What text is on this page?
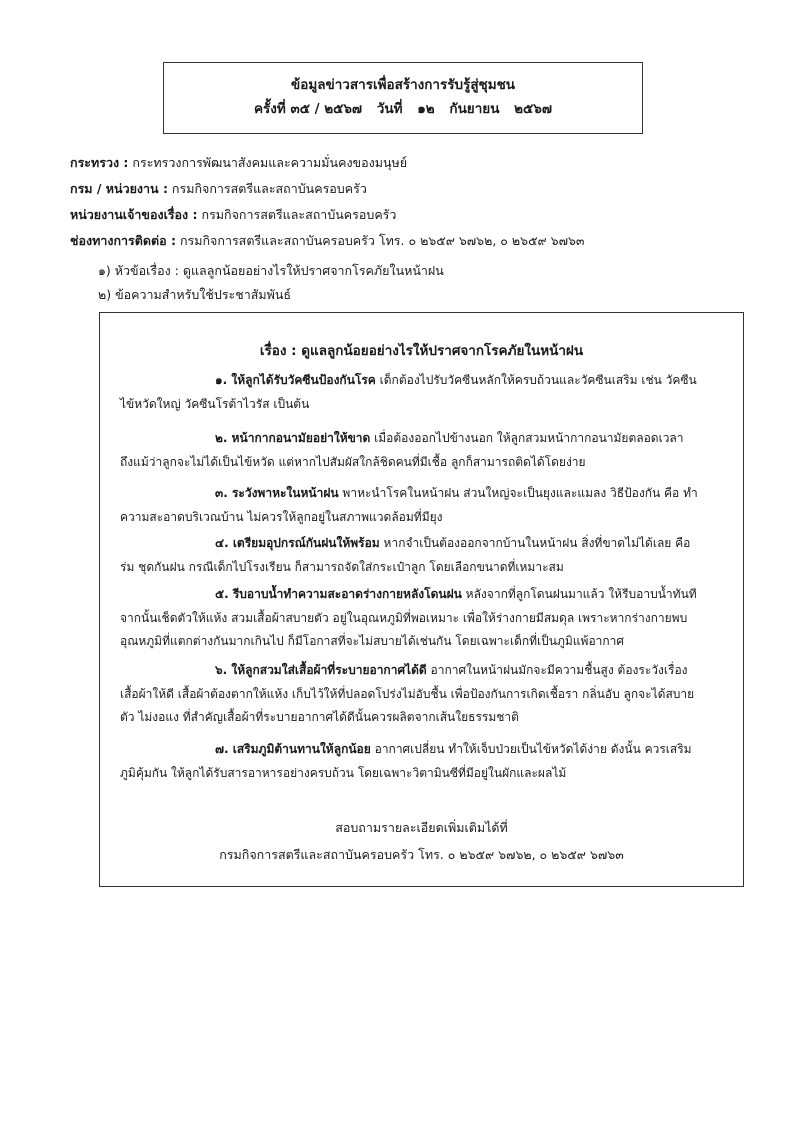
ข้อมูลข่าวสารเพื่อสร้างการรับรู้สู่ชุมชน
ครั้งที่ ๓๕ / ๒๕๖๗ วันที่ ๑๒ กันยายน ๒๕๖๗
กระทรวง : กระทรวงการพัฒนาสังคมและความมั่นคงของมนุษย์
กรม / หน่วยงาน : กรมกิจการสตรีและสถาบันครอบครัว
หน่วยงานเจ้าของเรื่อง : กรมกิจการสตรีและสถาบันครอบครัว
ช่องทางการติดต่อ : กรมกิจการสตรีและสถาบันครอบครัว โทร. ๐ ๒๖๕๙ ๖๗๖๒, ๐ ๒๖๕๙ ๖๗๖๓
๑) หัวข้อเรื่อง : ดูแลลูกน้อยอย่างไรให้ปราศจากโรคภัยในหน้าฝน
๒) ข้อความสำหรับใช้ประชาสัมพันธ์
เรื่อง : ดูแลลูกน้อยอย่างไรให้ปราศจากโรคภัยในหน้าฝน

๑. ให้ลูกได้รับวัคซีนป้องกันโรค เด็กต้องไปรับวัคซีนหลักให้ครบถ้วนและวัคซีนเสริม เช่น วัคซีน

ไข้หวัดใหญ่ วัคซีนโรต้าไวรัส เป็นต้น

๒. หน้ากากอนามัยอย่าให้ขาด เมื่อต้องออกไปข้างนอก ให้ลูกสวมหน้ากากอนามัยตลอดเวลา

ถึงแม้ว่าลูกจะไม่ได้เป็นไข้หวัด แต่หากไปสัมผัสใกล้ชิดคนที่มีเชื้อ ลูกก็สามารถติดได้โดยง่าย

๓. ระวังพาหะในหน้าฝน พาหะนำโรคในหน้าฝน ส่วนใหญ่จะเป็นยุงและแมลง วิธีป้องกัน คือ ทำ

ความสะอาดบริเวณบ้าน ไม่ควรให้ลูกอยู่ในสภาพแวดล้อมที่มียุง

๔. เตรียมอุปกรณ์กันฝนให้พร้อม หากจำเป็นต้องออกจากบ้านในหน้าฝน สิ่งที่ขาดไม่ได้เลย คือ

ร่ม ชุดกันฝน กรณีเด็กไปโรงเรียน ก็สามารถจัดใส่กระเป๋าลูก โดยเลือกขนาดที่เหมาะสม

๕. รีบอาบน้ำทำความสะอาดร่างกายหลังโดนฝน หลังจากที่ลูกโดนฝนมาแล้ว ให้รีบอาบน้ำทันที

จากนั้นเช็ดตัวให้แห้ง สวมเสื้อผ้าสบายตัว อยู่ในอุณหภูมิที่พอเหมาะ เพื่อให้ร่างกายมีสมดุล เพราะหากร่างกายพบ

อุณหภูมิที่แตกต่างกันมากเกินไป ก็มีโอกาสที่จะไม่สบายได้เช่นกัน โดยเฉพาะเด็กที่เป็นภูมิแพ้อากาศ

๖. ให้ลูกสวมใส่เสื้อผ้าที่ระบายอากาศได้ดี อากาศในหน้าฝนมักจะมีความชื้นสูง ต้องระวังเรื่อง

เสื้อผ้าให้ดี เสื้อผ้าต้องตากให้แห้ง เก็บไว้ให้ที่ปลอดโปร่งไม่อับชื้น เพื่อป้องกันการเกิดเชื้อรา กลิ่นอับ ลูกจะได้สบาย

ตัว ไม่งอแง ที่สำคัญเสื้อผ้าที่ระบายอากาศได้ดีนั้นควรผลิตจากเส้นใยธรรมชาติ

๗. เสริมภูมิต้านทานให้ลูกน้อย อากาศเปลี่ยน ทำให้เจ็บป่วยเป็นไข้หวัดได้ง่าย ดังนั้น ควรเสริม

ภูมิคุ้มกัน ให้ลูกได้รับสารอาหารอย่างครบถ้วน โดยเฉพาะวิตามินซีที่มีอยู่ในผักและผลไม้

สอบถามรายละเอียดเพิ่มเติมได้ที่
กรมกิจการสตรีและสถาบันครอบครัว โทร. ๐ ๒๖๕๙ ๖๗๖๒, ๐ ๒๖๕๙ ๖๗๖๓
